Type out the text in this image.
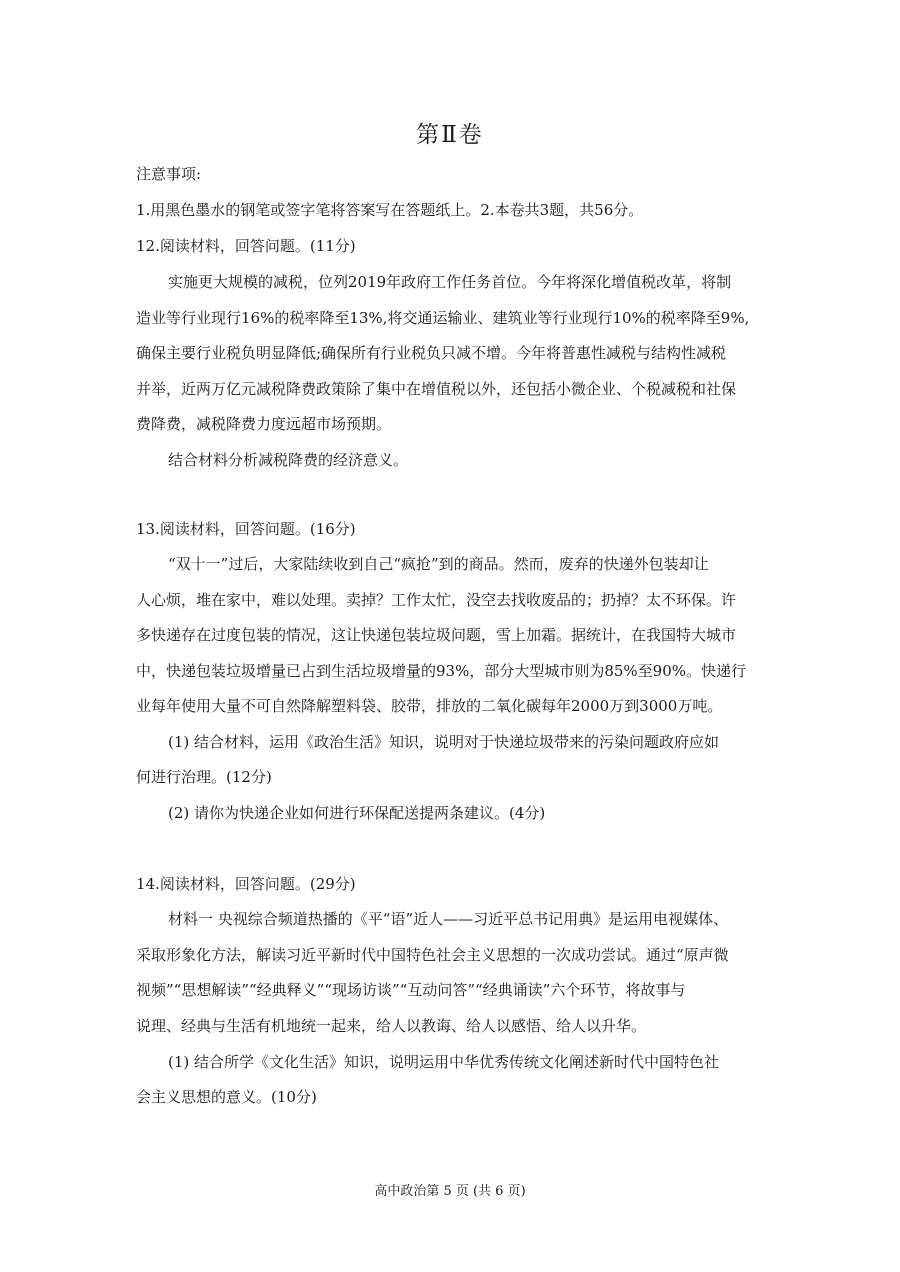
第Ⅱ卷
注意事项:
1.用黑色墨水的钢笔或签字笔将答案写在答题纸上。2.本卷共3题，共56分。
12.阅读材料，回答问题。(11分)
实施更大规模的减税，位列2019年政府工作任务首位。今年将深化增值税改革，将制
造业等行业现行16%的税率降至13%,将交通运输业、建筑业等行业现行10%的税率降至9%,
确保主要行业税负明显降低;确保所有行业税负只减不增。今年将普惠性减税与结构性减税
并举，近两万亿元减税降费政策除了集中在增值税以外，还包括小微企业、个税减税和社保
费降费，减税降费力度远超市场预期。
结合材料分析减税降费的经济意义。
13.阅读材料，回答问题。(16分)
“双十一”过后，大家陆续收到自己“疯抢”到的商品。然而，废弃的快递外包装却让
人心烦，堆在家中，难以处理。卖掉？工作太忙，没空去找收废品的；扔掉？太不环保。许
多快递存在过度包装的情况，这让快递包装垃圾问题，雪上加霜。据统计，在我国特大城市
中，快递包装垃圾增量已占到生活垃圾增量的93%，部分大型城市则为85%至90%。快递行
业每年使用大量不可自然降解塑料袋、胶带，排放的二氧化碳每年2000万到3000万吨。
(1) 结合材料，运用《政治生活》知识，说明对于快递垃圾带来的污染问题政府应如
何进行治理。(12分)
(2) 请你为快递企业如何进行环保配送提两条建议。(4分)
14.阅读材料，回答问题。(29分)
材料一 央视综合频道热播的《平“语”近人——习近平总书记用典》是运用电视媒体、
采取形象化方法，解读习近平新时代中国特色社会主义思想的一次成功尝试。通过“原声微
视频”“思想解读”“经典释义”“现场访谈”“互动问答”“经典诵读”六个环节，将故事与
说理、经典与生活有机地统一起来，给人以教诲、给人以感悟、给人以升华。
(1) 结合所学《文化生活》知识，说明运用中华优秀传统文化阐述新时代中国特色社
会主义思想的意义。(10分)
高中政治第 5 页 (共 6 页)
